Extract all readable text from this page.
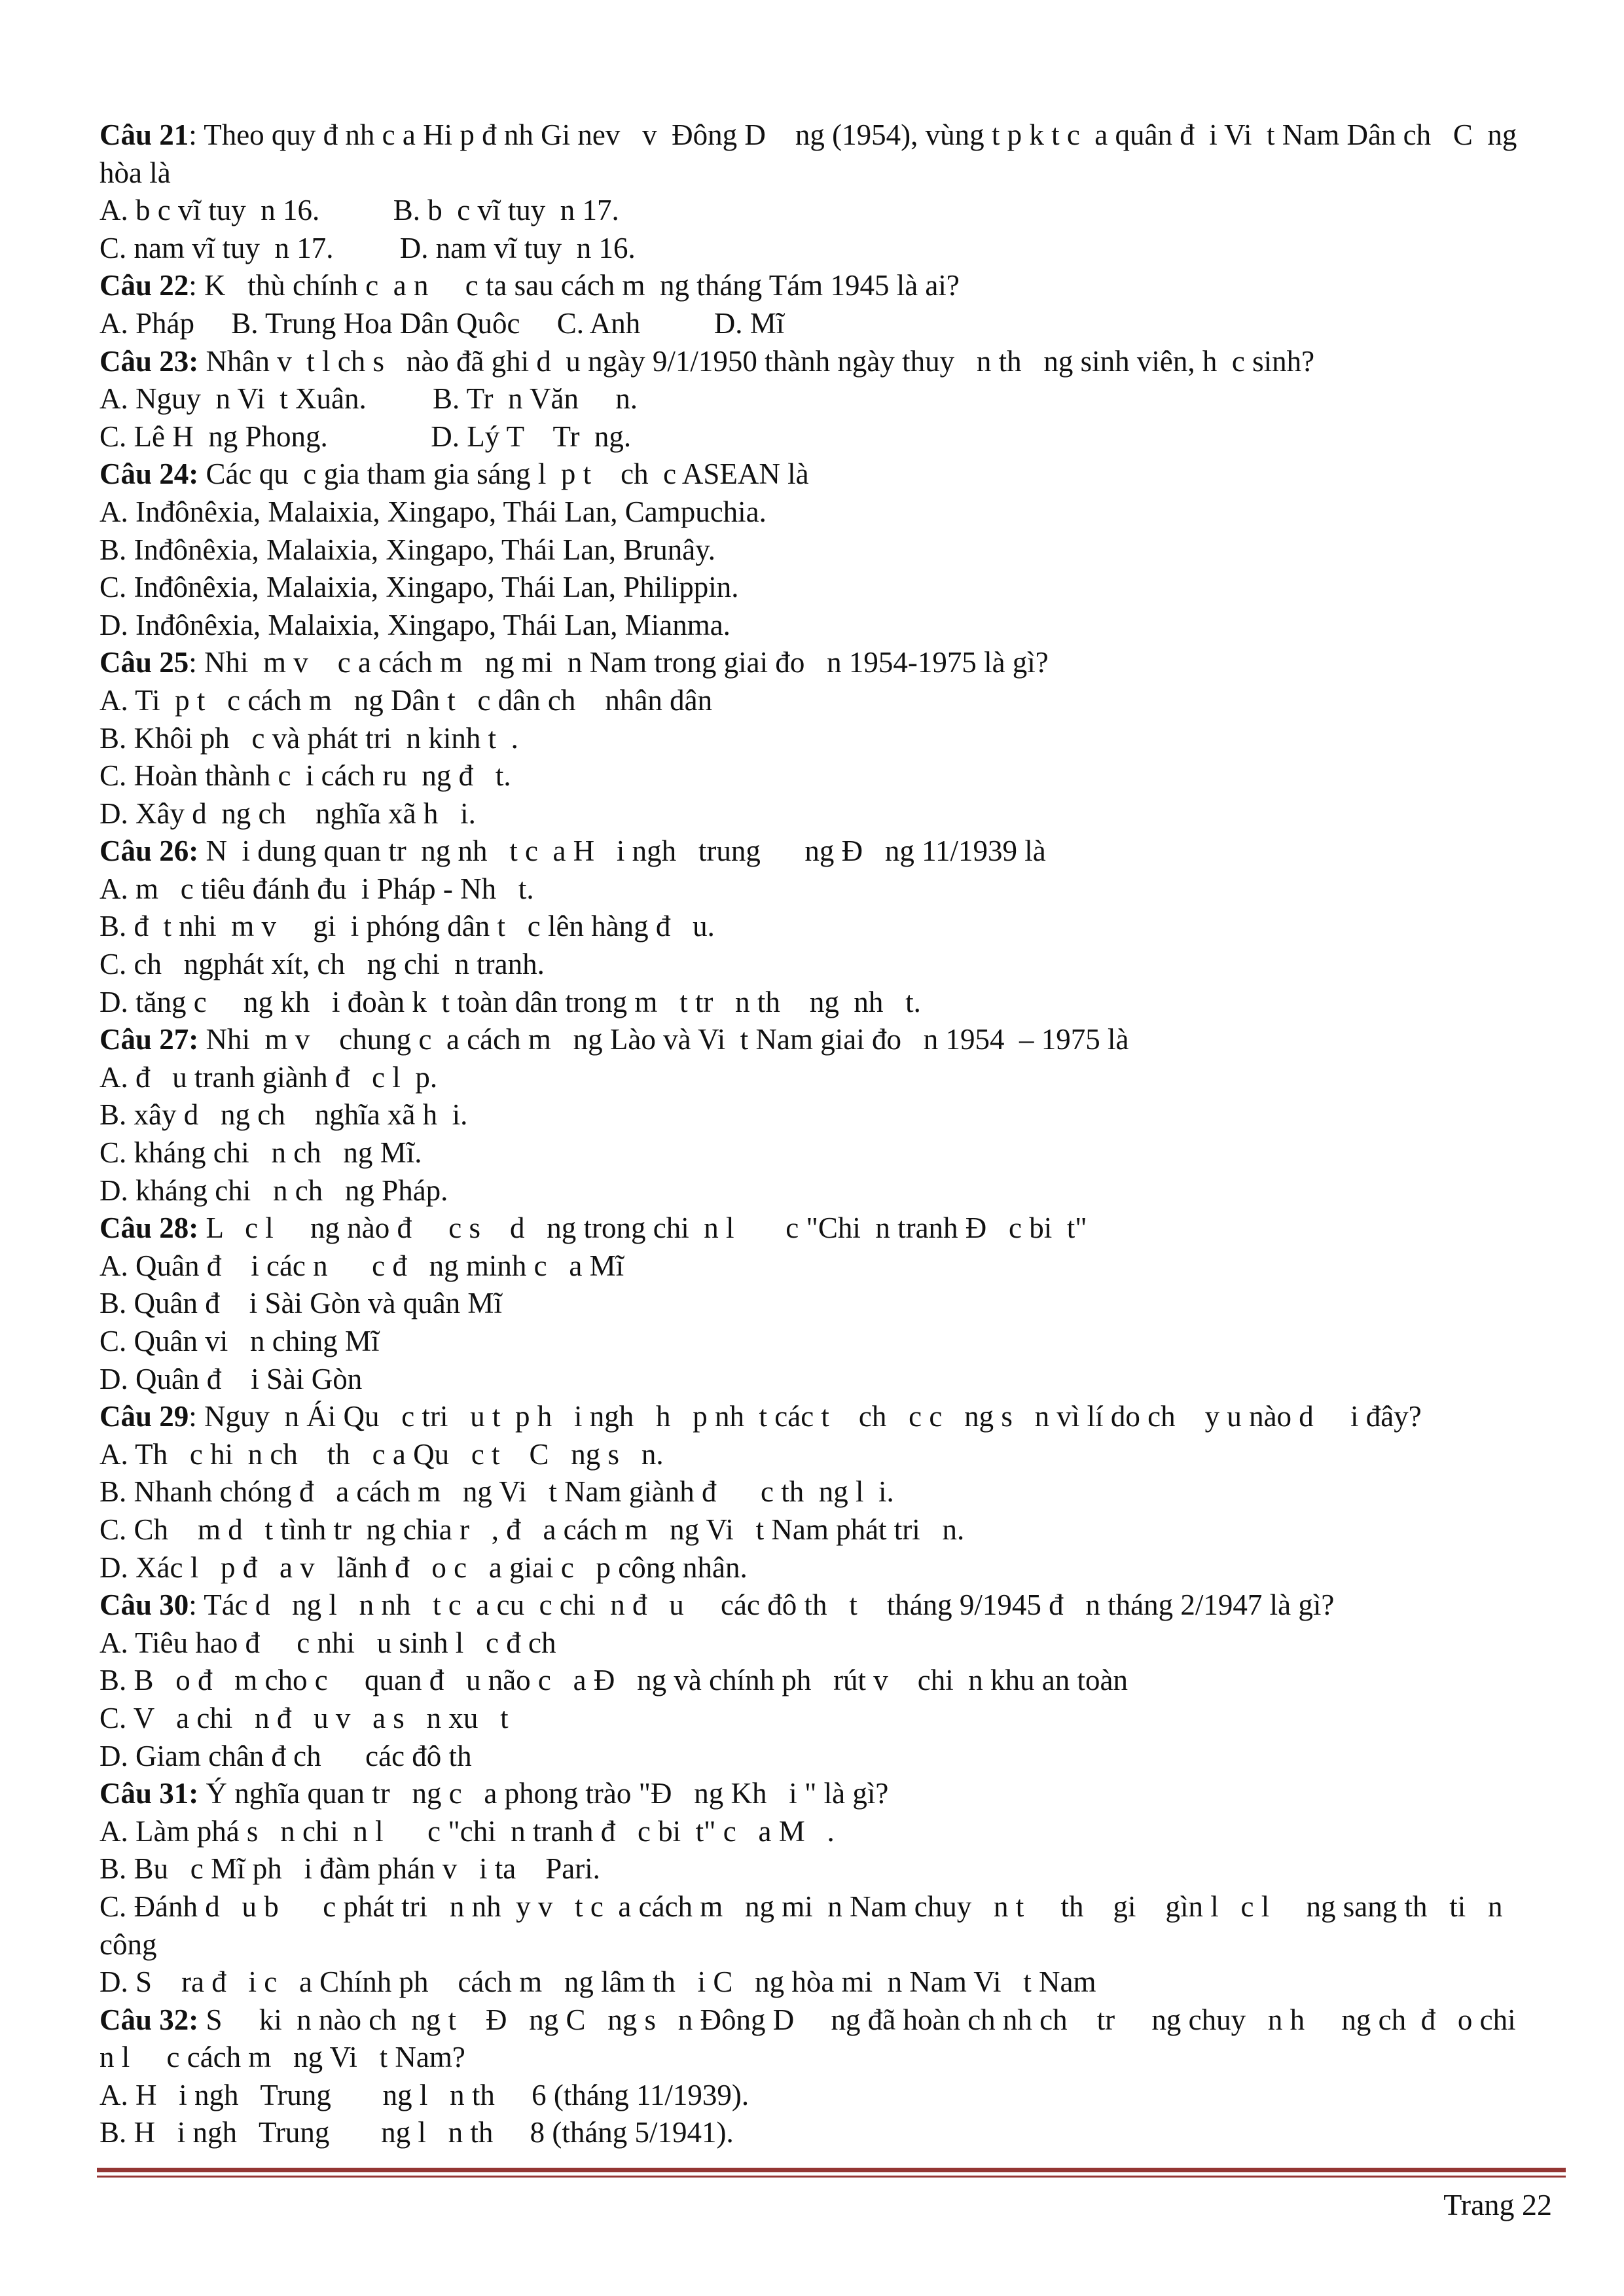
Câu 21: Theo quy đ nh c a Hi p đ nh Gi nev   v  Đông D    ng (1954), vùng t p k t c  a quân đ  i Vi  t Nam Dân ch   C  ng hòa là
A. b c vĩ tuy  n 16.          B. b  c vĩ tuy  n 17.
C. nam vĩ tuy  n 17.         D. nam vĩ tuy  n 16.
Câu 22: K   thù chính c  a n     c ta sau cách m  ng tháng Tám 1945 là ai?
A. Pháp     B. Trung Hoa Dân Quôc     C. Anh          D. Mĩ
Câu 23: Nhân v  t l ch s   nào đã ghi d  u ngày 9/1/1950 thành ngày thuy   n th   ng sinh viên, h  c sinh?
A. Nguy  n Vi  t Xuân.         B. Tr  n Văn     n.
C. Lê H  ng Phong.              D. Lý T    Tr  ng.
Câu 24: Các qu  c gia tham gia sáng l  p t    ch  c ASEAN là
A. Inđônêxia, Malaixia, Xingapo, Thái Lan, Campuchia.
B. Inđônêxia, Malaixia, Xingapo, Thái Lan, Brunây.
C. Inđônêxia, Malaixia, Xingapo, Thái Lan, Philippin.
D. Inđônêxia, Malaixia, Xingapo, Thái Lan, Mianma.
Câu 25: Nhi  m v    c a cách m   ng mi  n Nam trong giai đo   n 1954-1975 là gì?
A. Ti  p t   c cách m   ng Dân t   c dân ch    nhân dân
B. Khôi ph   c và phát tri  n kinh t  .
C. Hoàn thành c  i cách ru  ng đ   t.
D. Xây d  ng ch    nghĩa xã h   i.
Câu 26: N  i dung quan tr  ng nh   t c  a H   i ngh   trung      ng Đ   ng 11/1939 là
A. m   c tiêu đánh đu  i Pháp - Nh   t.
B. đ  t nhi  m v     gi  i phóng dân t   c lên hàng đ   u.
C. ch   ngphát xít, ch   ng chi  n tranh.
D. tăng c     ng kh   i đoàn k  t toàn dân trong m   t tr   n th    ng  nh   t.
Câu 27: Nhi  m v    chung c  a cách m   ng Lào và Vi  t Nam giai đo   n 1954  – 1975 là
A. đ   u tranh giành đ   c l  p.
B. xây d   ng ch    nghĩa xã h  i.
C. kháng chi   n ch   ng Mĩ.
D. kháng chi   n ch   ng Pháp.
Câu 28: L   c l     ng nào đ     c s    d   ng trong chi  n l       c "Chi  n tranh Đ   c bi  t"
A. Quân đ    i các n      c đ   ng minh c   a Mĩ
B. Quân đ    i Sài Gòn và quân Mĩ
C. Quân vi   n ching Mĩ
D. Quân đ    i Sài Gòn
Câu 29: Nguy  n Ái Qu   c tri   u t  p h   i ngh   h   p nh  t các t    ch   c c   ng s   n vì lí do ch    y u nào d     i đây?
A. Th   c hi  n ch    th   c a Qu   c t    C   ng s   n.
B. Nhanh chóng đ   a cách m   ng Vi   t Nam giành đ      c th  ng l  i.
C. Ch    m d   t tình tr  ng chia r   , đ   a cách m   ng Vi   t Nam phát tri   n.
D. Xác l   p đ   a v   lãnh đ   o c   a giai c   p công nhân.
Câu 30: Tác d   ng l   n nh   t c  a cu  c chi  n đ   u     các đô th   t    tháng 9/1945 đ   n tháng 2/1947 là gì?
A. Tiêu hao đ     c nhi   u sinh l   c đ ch
B. B   o đ   m cho c     quan đ   u não c   a Đ   ng và chính ph   rút v    chi  n khu an toàn
C. V   a chi   n đ   u v   a s   n xu   t
D. Giam chân đ ch      các đô th
Câu 31: Ý nghĩa quan tr   ng c   a phong trào "Đ   ng Kh   i " là gì?
A. Làm phá s   n chi  n l      c "chi  n tranh đ   c bi  t" c   a M   .
B. Bu   c Mĩ ph   i đàm phán v   i ta    Pari.
C. Đánh d   u b      c phát tri   n nh  y v   t c  a cách m   ng mi  n Nam chuy   n t     th    gi    gìn l   c l     ng sang th   ti   n công
D. S    ra đ   i c   a Chính ph    cách m   ng lâm th   i C   ng hòa mi  n Nam Vi   t Nam
Câu 32: S     ki  n nào ch  ng t    Đ   ng C   ng s   n Đông D     ng đã hoàn ch nh ch    tr     ng chuy   n h     ng ch  đ   o chi  n l     c cách m   ng Vi   t Nam?
A. H   i ngh   Trung       ng l   n th     6 (tháng 11/1939).
B. H   i ngh   Trung       ng l   n th     8 (tháng 5/1941).
Trang 22
